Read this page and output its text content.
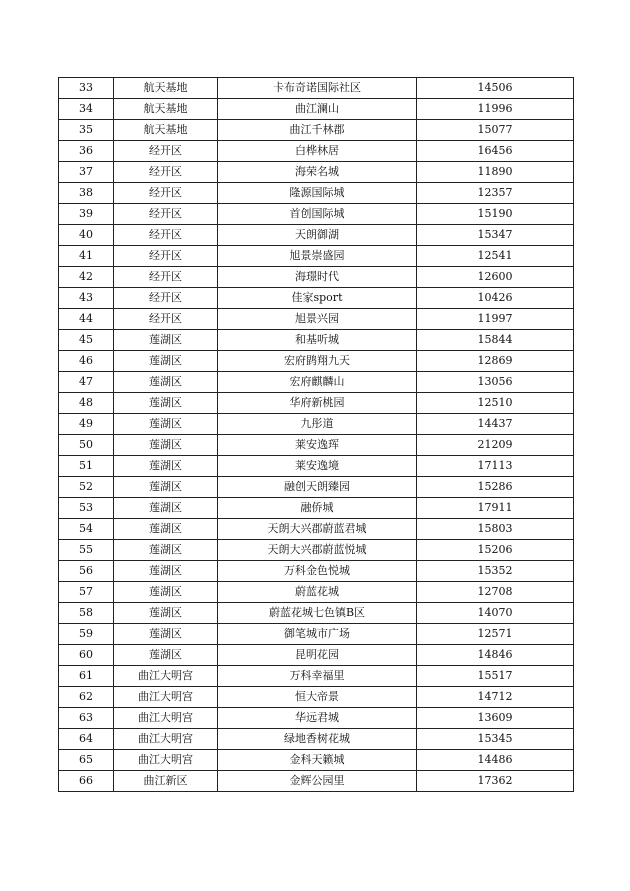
33	航天基地	卡布奇诺国际社区	14506
34	航天基地	曲江澜山	11996
35	航天基地	曲江千林郡	15077
36	经开区	白桦林居	16456
37	经开区	海荣名城	11890
38	经开区	隆源国际城	12357
39	经开区	首创国际城	15190
40	经开区	天朗御湖	15347
41	经开区	旭景崇盛园	12541
42	经开区	海璟时代	12600
43	经开区	佳家sport	10426
44	经开区	旭景兴园	11997
45	莲湖区	和基听城	15844
46	莲湖区	宏府鹍翔九天	12869
47	莲湖区	宏府麒麟山	13056
48	莲湖区	华府新桃园	12510
49	莲湖区	九彤道	14437
50	莲湖区	莱安逸珲	21209
51	莲湖区	莱安逸境	17113
52	莲湖区	融创天朗臻园	15286
53	莲湖区	融侨城	17911
54	莲湖区	天朗大兴郡蔚蓝君城	15803
55	莲湖区	天朗大兴郡蔚蓝悦城	15206
56	莲湖区	万科金色悦城	15352
57	莲湖区	蔚蓝花城	12708
58	莲湖区	蔚蓝花城七色镇B区	14070
59	莲湖区	御笔城市广场	12571
60	莲湖区	昆明花园	14846
61	曲江大明宫	万科幸福里	15517
62	曲江大明宫	恒大帝景	14712
63	曲江大明宫	华远君城	13609
64	曲江大明宫	绿地香树花城	15345
65	曲江大明宫	金科天籁城	14486
66	曲江新区	金辉公园里	17362
